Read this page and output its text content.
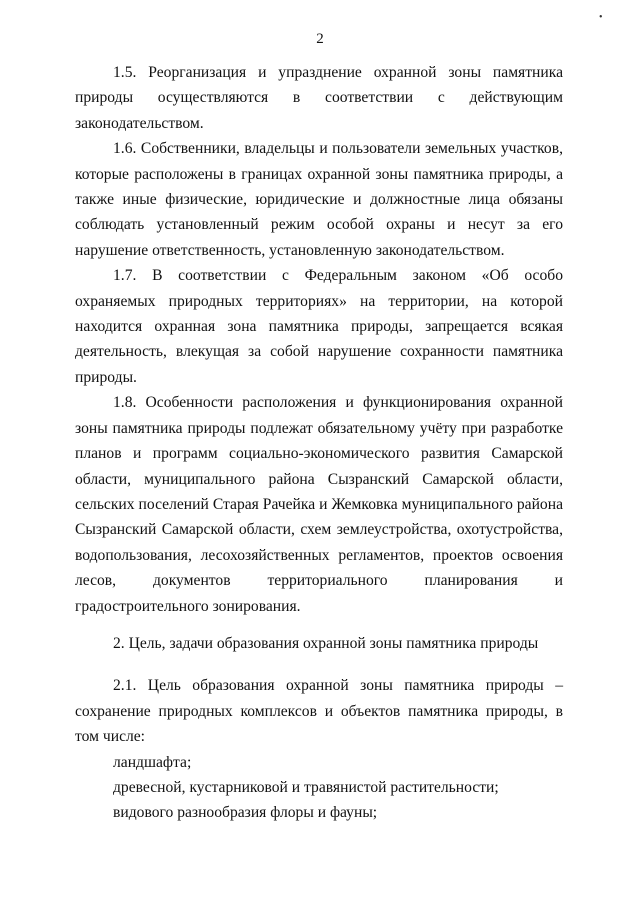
•
2

1.5. Реорганизация и упразднение охранной зоны памятника природы осуществляются в соответствии с действующим законодательством.

1.6. Собственники, владельцы и пользователи земельных участков, которые расположены в границах охранной зоны памятника природы, а также иные физические, юридические и должностные лица обязаны соблюдать установленный режим особой охраны и несут за его нарушение ответственность, установленную законодательством.

1.7. В соответствии с Федеральным законом «Об особо охраняемых природных территориях» на территории, на которой находится охранная зона памятника природы, запрещается всякая деятельность, влекущая за собой нарушение сохранности памятника природы.

1.8. Особенности расположения и функционирования охранной зоны памятника природы подлежат обязательному учёту при разработке планов и программ социально-экономического развития Самарской области, муниципального района Сызранский Самарской области, сельских поселений Старая Рачейка и Жемковка муниципального района Сызранский Самарской области, схем землеустройства, охотустройства, водопользования, лесохозяйственных регламентов, проектов освоения лесов, документов территориального планирования и градостроительного зонирования.

2. Цель, задачи образования охранной зоны памятника природы

2.1. Цель образования охранной зоны памятника природы – сохранение природных комплексов и объектов памятника природы, в том числе:

ландшафта;

древесной, кустарниковой и травянистой растительности;

видового разнообразия флоры и фауны;
